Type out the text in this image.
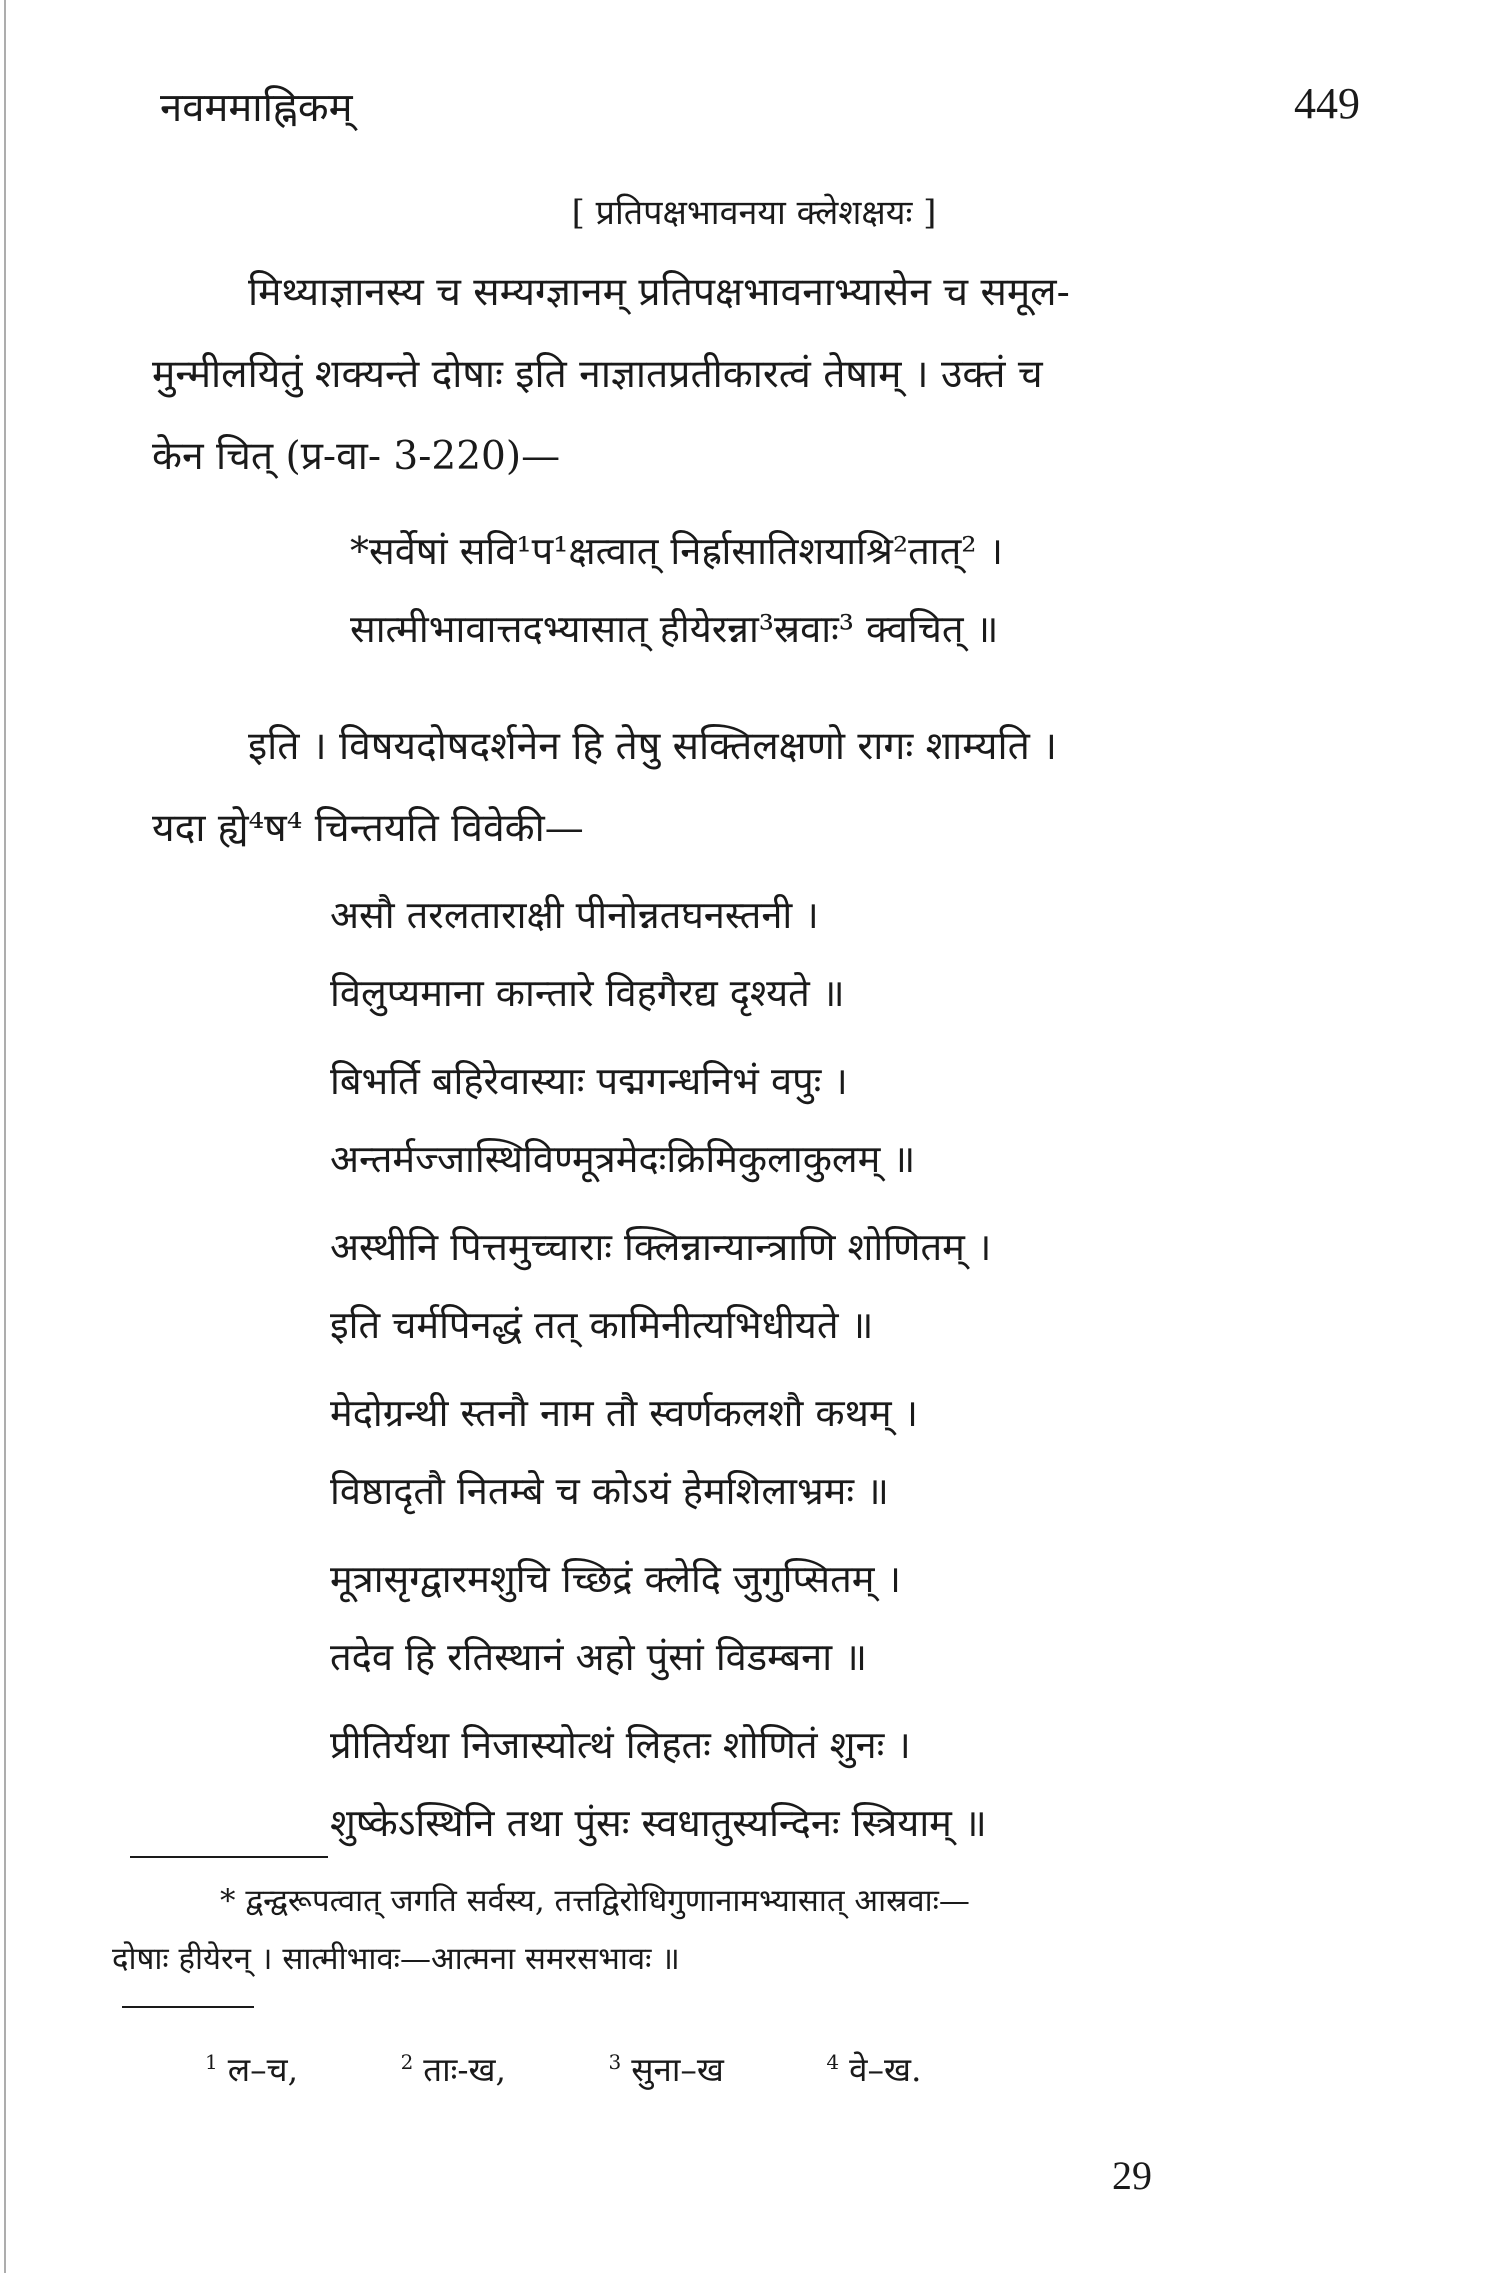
नवममाह्निकम्	449
[ प्रतिपक्षभावनया क्लेशक्षयः ]
मिथ्याज्ञानस्य च सम्यग्ज्ञानम् प्रतिपक्षभावनाभ्यासेन च समूल-
मुन्मीलयितुं शक्यन्ते दोषाः इति नाज्ञातप्रतीकारत्वं तेषाम् । उक्तं च
केन चित् (प्र-वा- 3-220)—
*सर्वेषां सवि¹प¹क्षत्वात् निर्ह्रासातिशयाश्रि²तात्² ।
सात्मीभावात्तदभ्यासात् हीयेरन्ना³स्रवाः³ क्वचित् ॥
इति । विषयदोषदर्शनेन हि तेषु सक्तिलक्षणो रागः शाम्यति ।
यदा ह्ये⁴ष⁴ चिन्तयति विवेकी—
असौ तरलताराक्षी पीनोन्नतघनस्तनी ।
विलुप्यमाना कान्तारे विहगैरद्य दृश्यते ॥
बिभर्ति बहिरेवास्याः पद्मगन्धनिभं वपुः ।
अन्तर्मज्जास्थिविण्मूत्रमेदःक्रिमिकुलाकुलम् ॥
अस्थीनि पित्तमुच्चाराः क्लिन्नान्यान्त्राणि शोणितम् ।
इति चर्मपिनद्धं तत् कामिनीत्यभिधीयते ॥
मेदोग्रन्थी स्तनौ नाम तौ स्वर्णकलशौ कथम् ।
विष्ठादृतौ नितम्बे च कोऽयं हेमशिलाभ्रमः ॥
मूत्रासृग्द्वारमशुचि च्छिद्रं क्लेदि जुगुप्सितम् ।
तदेव हि रतिस्थानं अहो पुंसां विडम्बना ॥
प्रीतिर्यथा निजास्योत्थं लिहतः शोणितं शुनः ।
शुष्केऽस्थिनि तथा पुंसः स्वधातुस्यन्दिनः स्त्रियाम् ॥
* द्वन्द्वरूपत्वात् जगति सर्वस्य, तत्तद्विरोधिगुणानामभ्यासात् आस्रवाः—
दोषाः हीयेरन् । सात्मीभावः—आत्मना समरसभावः ॥
$^1$ ल–च,	$^2$ ताः-ख,	$^3$ सुना–ख	$^4$ वे–ख.
29
